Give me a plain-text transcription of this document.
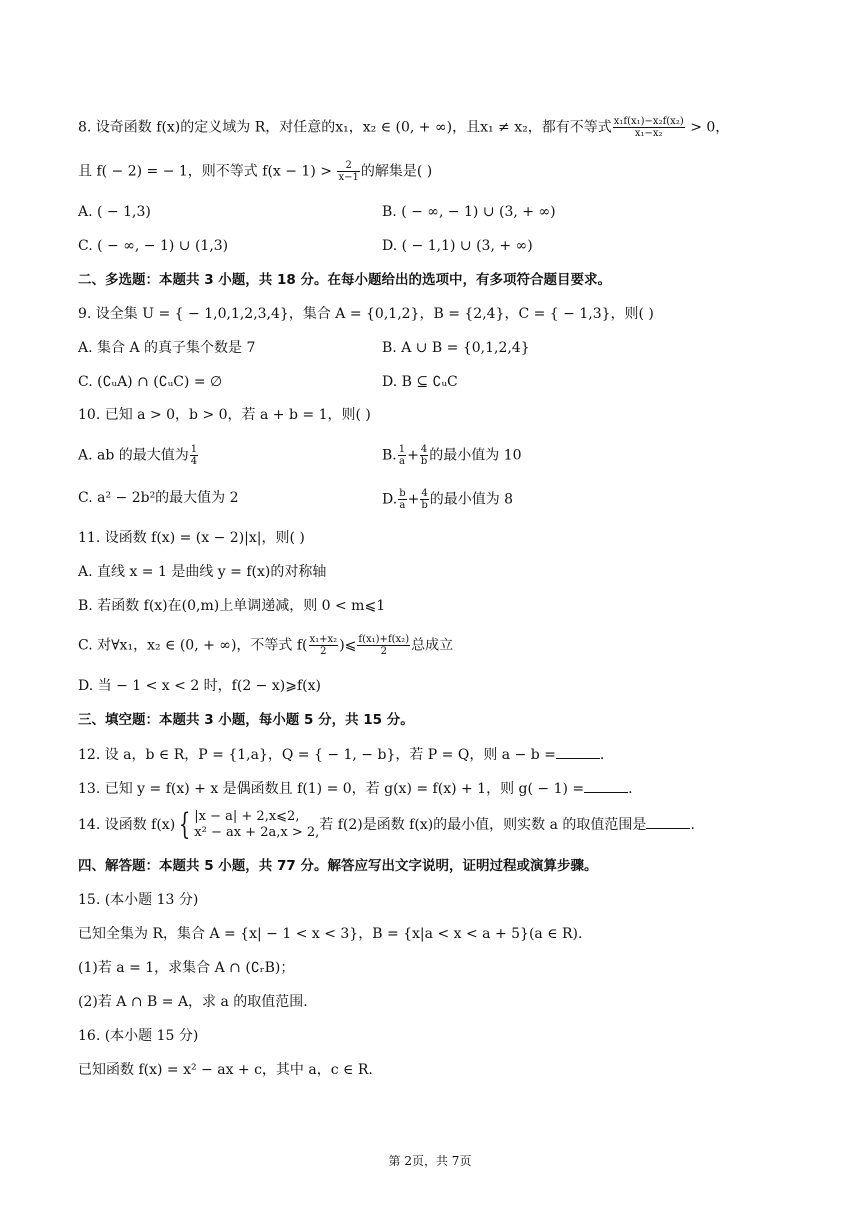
8. 设奇函数 f(x)的定义域为 R，对任意的x₁，x₂ ∈ (0, + ∞)，且x₁ ≠ x₂，都有不等式 $\frac{\text{x₁f(x₁)−x₂f(x₂)}}{\text{x₁−x₂}} > 0$，
且 f( − 2) = − 1，则不等式 $f(x - 1) > \frac{2}{x-1}$ 的解集是( )
A. ( − 1,3)	B. ( − ∞, − 1) ∪ (3, + ∞)
C. ( − ∞, − 1) ∪ (1,3)	D. ( − 1,1) ∪ (3, + ∞)
二、多选题：本题共 3 小题，共 18 分。在每小题给出的选项中，有多项符合题目要求。
9. 设全集 U = { − 1,0,1,2,3,4}，集合 A = {0,1,2}，B = {2,4}，C = { − 1,3}，则( )
A. 集合 A 的真子集个数是 7	B. A ∪ B = {0,1,2,4}
C. (∁ᵤA) ∩ (∁ᵤC) = ∅	D. B ⊆ ∁ᵤC
10. 已知 a > 0，b > 0，若 a + b = 1，则( )
A. ab 的最大值为 $\frac{1}{4}$	B. $\frac{1}{a} + \frac{4}{b}$ 的最小值为 10
C. a² − 2b²的最大值为 2	D. $\frac{b}{a} + \frac{4}{b}$ 的最小值为 8
11. 设函数 f(x) = (x − 2)|x|，则( )
A. 直线 x = 1 是曲线 y = f(x)的对称轴
B. 若函数 f(x)在(0,m)上单调递减，则 0 < m⩽1
C. 对∀x₁，x₂ ∈ (0, + ∞)，不等式 $f( \frac{\text{x₁+x₂}}{2}$ )⩽ $\frac{\text{f(x₁)+f(x₂)}}{2}$ 总成立
D. 当 − 1 < x < 2 时，f(2 − x)⩾f(x)
三、填空题：本题共 3 小题，每小题 5 分，共 15 分。
12. 设 a，b ∈ R，P = {1,a}，Q = { − 1, − b}，若 P = Q，则 a − b =	.
13. 已知 y = f(x) + x 是偶函数且 f(1) = 0，若 g(x) = f(x) + 1，则 g( − 1) =	.
14. 设函数 f(x) { |x − a| + 2,x⩽2,
x² − ax + 2a,x > 2, 若 f(2)是函数 f(x)的最小值，则实数 a 的取值范围是	.
四、解答题：本题共 5 小题，共 77 分。解答应写出文字说明，证明过程或演算步骤。
15. (本小题 13 分)
已知全集为 R，集合 A = {x| − 1 < x < 3}，B = {x|a < x < a + 5}(a ∈ R).
(1)若 a = 1，求集合 A ∩ (∁ᵣB)；
(2)若 A ∩ B = A，求 a 的取值范围.
16. (本小题 15 分)
已知函数 f(x) = x² − ax + c，其中 a，c ∈ R.
第 2页，共 7页
